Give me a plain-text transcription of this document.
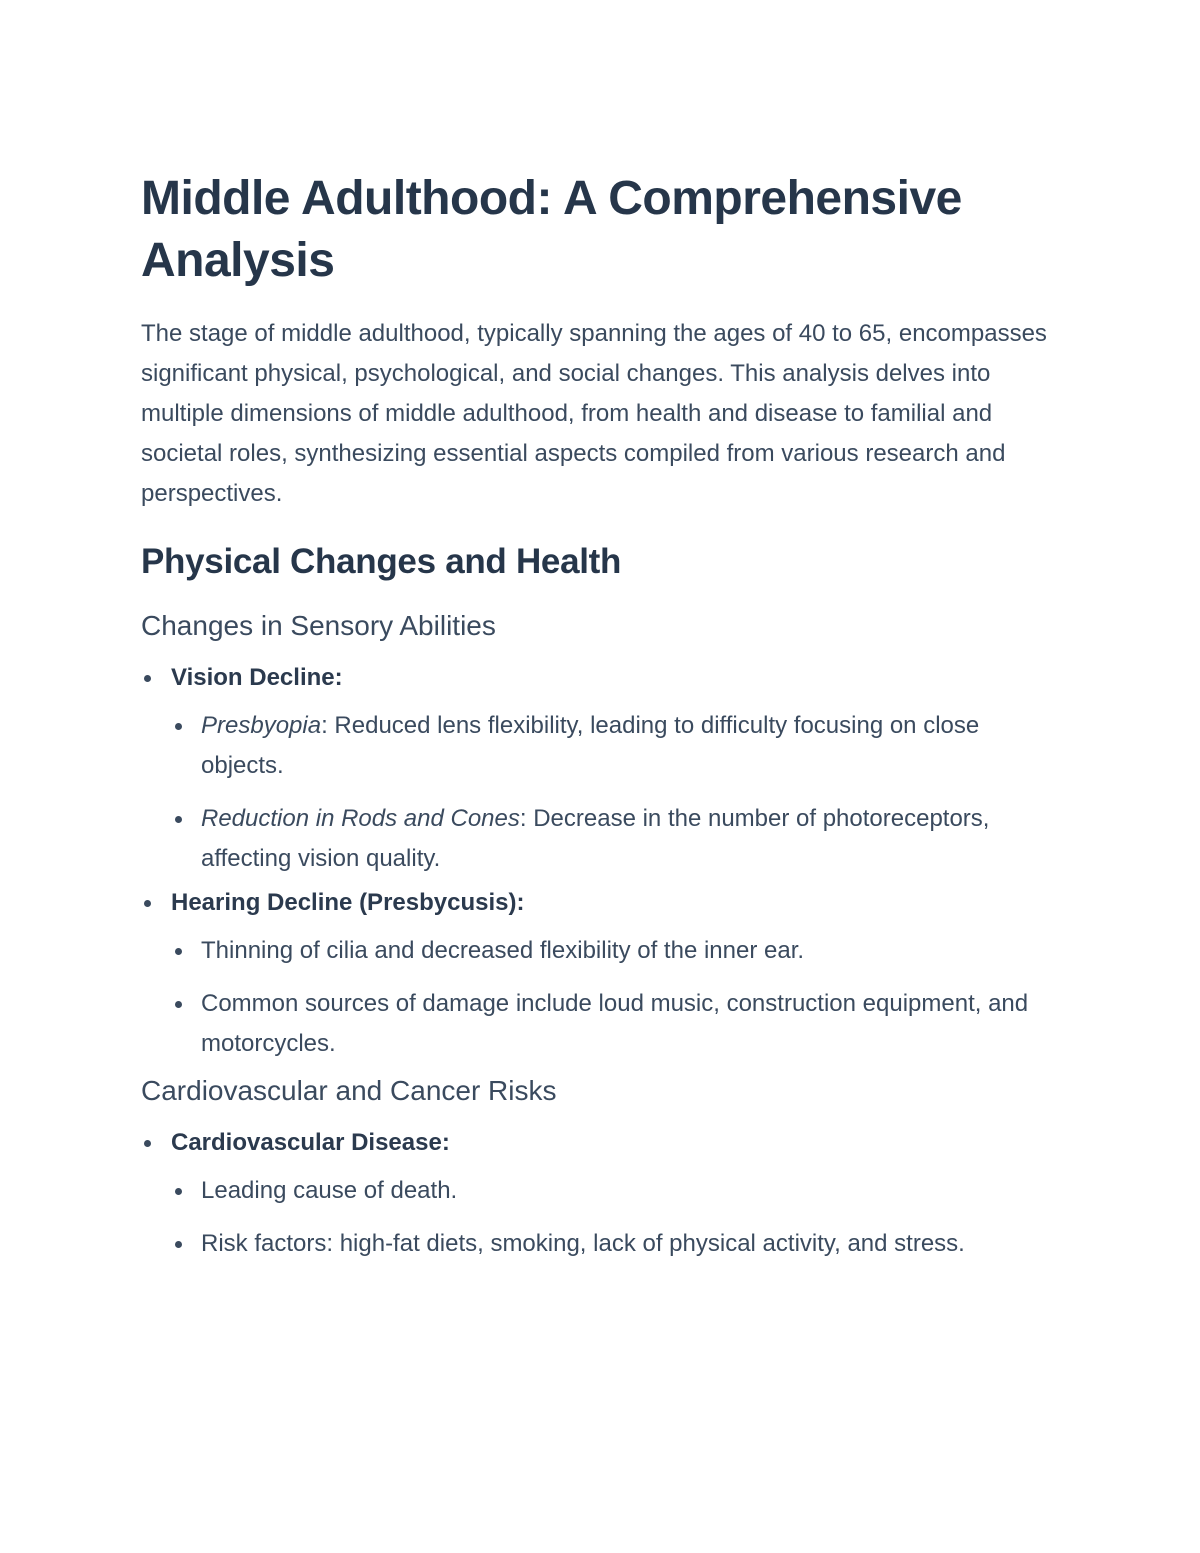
Middle Adulthood: A Comprehensive Analysis

The stage of middle adulthood, typically spanning the ages of 40 to 65, encompasses significant physical, psychological, and social changes. This analysis delves into multiple dimensions of middle adulthood, from health and disease to familial and societal roles, synthesizing essential aspects compiled from various research and perspectives.

Physical Changes and Health
Changes in Sensory Abilities
Vision Decline:
Presbyopia: Reduced lens flexibility, leading to difficulty focusing on close objects.
Reduction in Rods and Cones: Decrease in the number of photoreceptors, affecting vision quality.
Hearing Decline (Presbycusis):
Thinning of cilia and decreased flexibility of the inner ear.
Common sources of damage include loud music, construction equipment, and motorcycles.
Cardiovascular and Cancer Risks
Cardiovascular Disease:
Leading cause of death.
Risk factors: high-fat diets, smoking, lack of physical activity, and stress.
